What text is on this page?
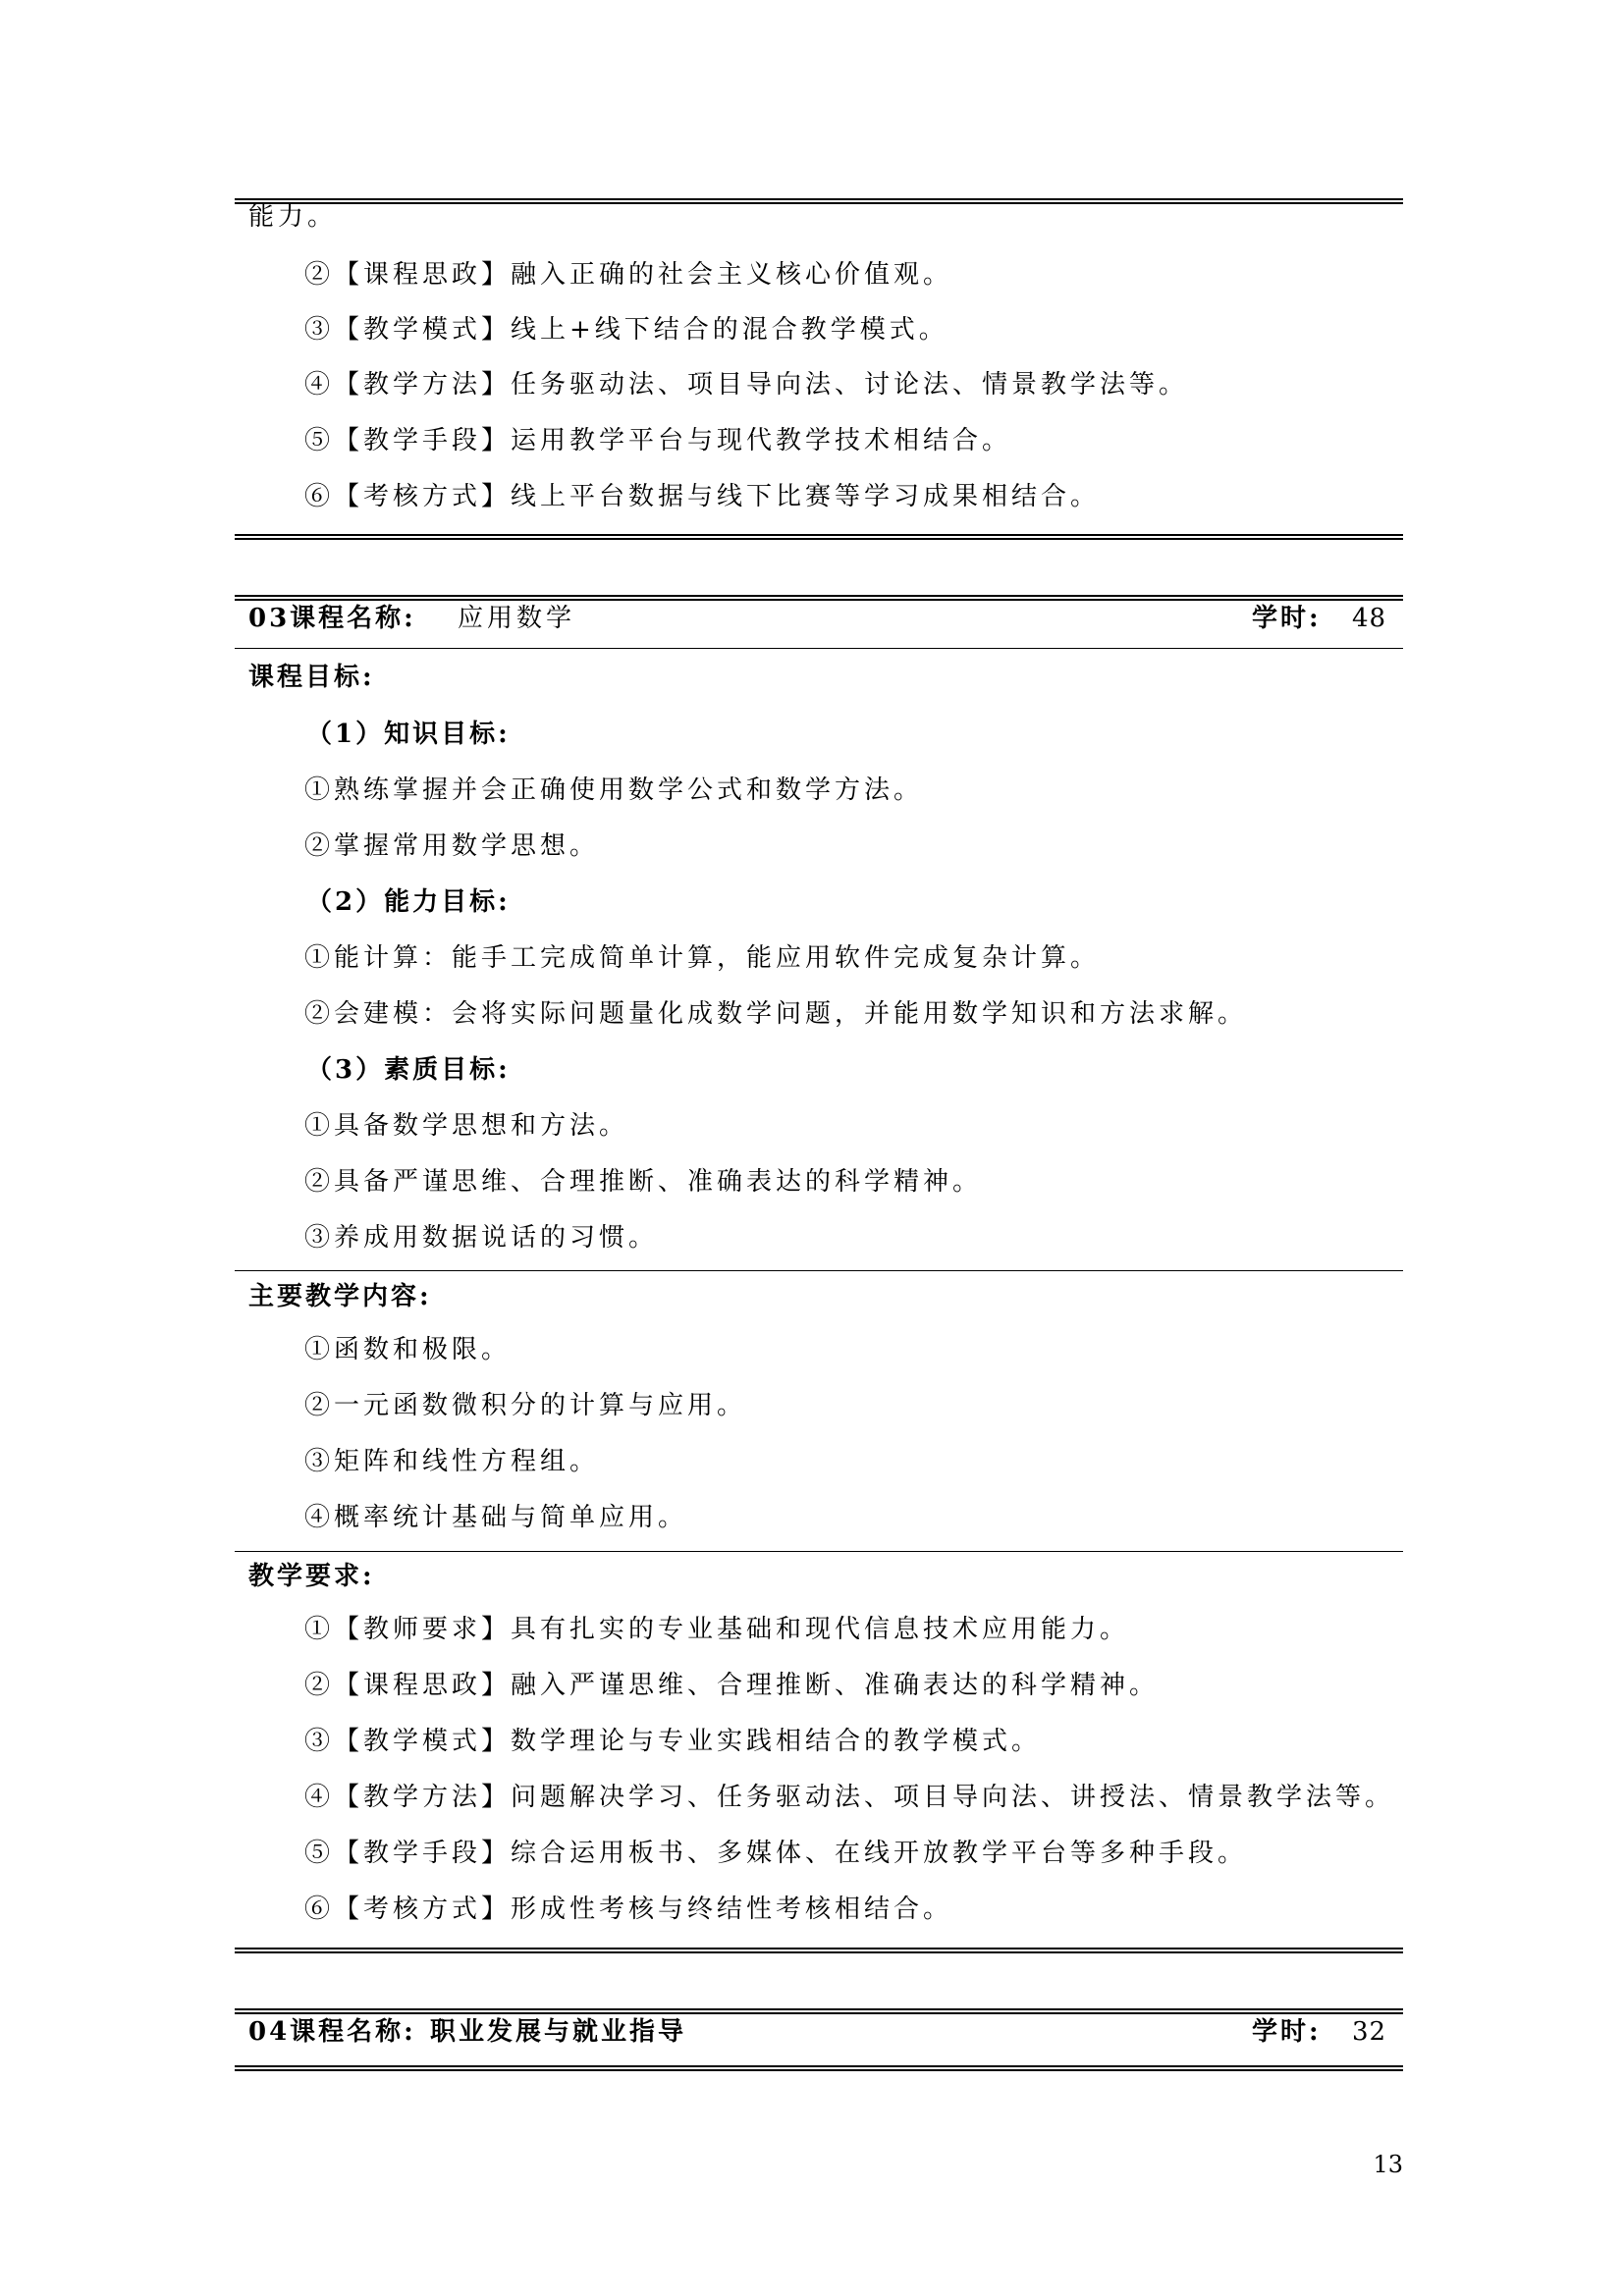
能力。
②【课程思政】融入正确的社会主义核心价值观。
③【教学模式】线上+线下结合的混合教学模式。
④【教学方法】任务驱动法、项目导向法、讨论法、情景教学法等。
⑤【教学手段】运用教学平台与现代教学技术相结合。
⑥【考核方式】线上平台数据与线下比赛等学习成果相结合。
03课程名称: 应用数学	学时: 48
课程目标:
（1）知识目标:
①熟练掌握并会正确使用数学公式和数学方法。
②掌握常用数学思想。
（2）能力目标:
①能计算：能手工完成简单计算，能应用软件完成复杂计算。
②会建模：会将实际问题量化成数学问题，并能用数学知识和方法求解。
（3）素质目标:
①具备数学思想和方法。
②具备严谨思维、合理推断、准确表达的科学精神。
③养成用数据说话的习惯。
主要教学内容:
①函数和极限。
②一元函数微积分的计算与应用。
③矩阵和线性方程组。
④概率统计基础与简单应用。
教学要求:
①【教师要求】具有扎实的专业基础和现代信息技术应用能力。
②【课程思政】融入严谨思维、合理推断、准确表达的科学精神。
③【教学模式】数学理论与专业实践相结合的教学模式。
④【教学方法】问题解决学习、任务驱动法、项目导向法、讲授法、情景教学法等。
⑤【教学手段】综合运用板书、多媒体、在线开放教学平台等多种手段。
⑥【考核方式】形成性考核与终结性考核相结合。
04课程名称: 职业发展与就业指导	学时: 32
13
